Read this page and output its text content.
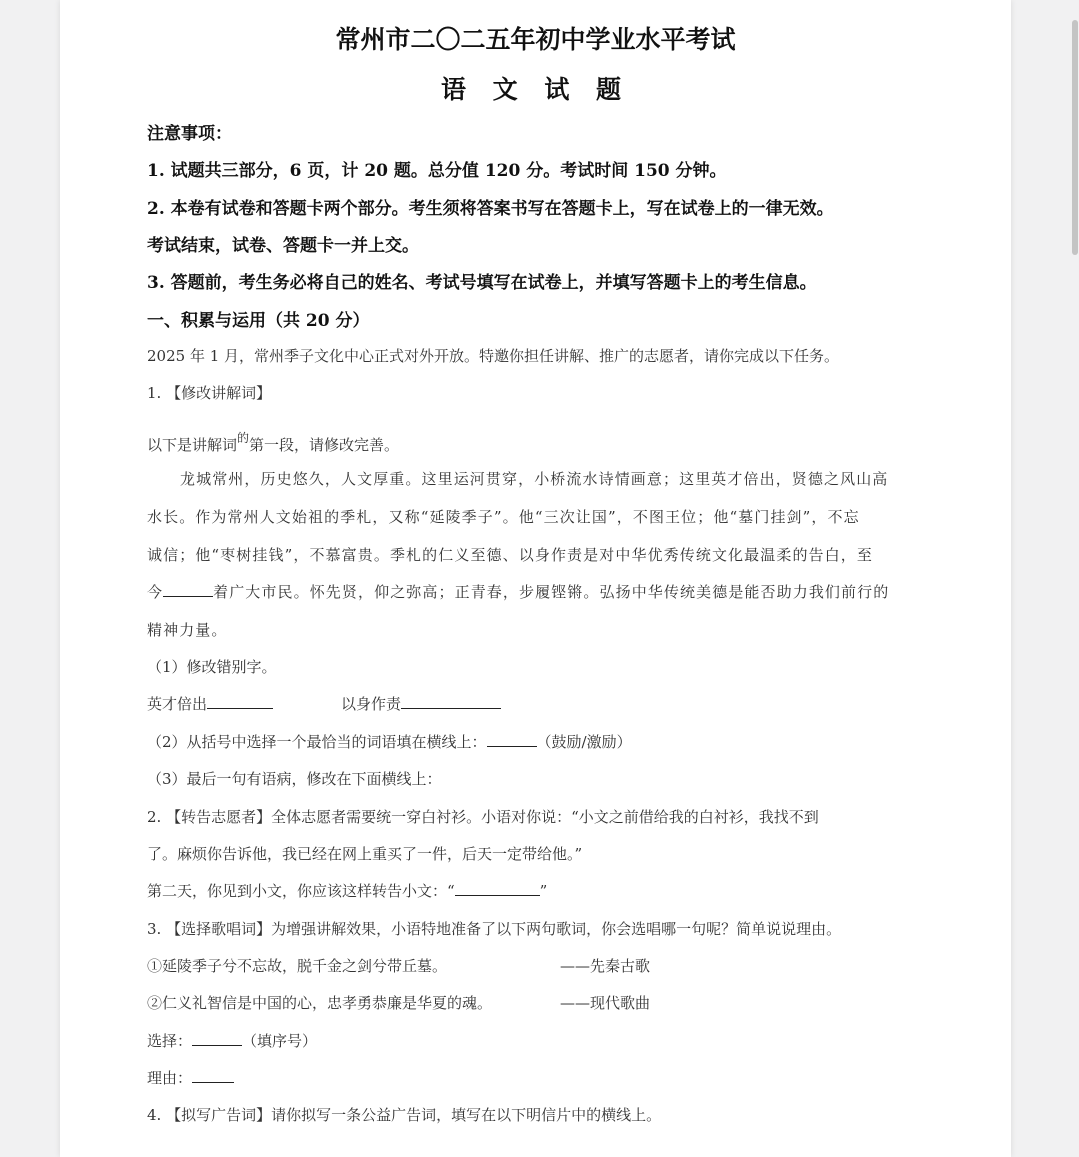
常州市二〇二五年初中学业水平考试
语 文 试 题
注意事项：
1. 试题共三部分，6 页，计 20 题。总分值 120 分。考试时间 150 分钟。
2. 本卷有试卷和答题卡两个部分。考生须将答案书写在答题卡上，写在试卷上的一律无效。
考试结束，试卷、答题卡一并上交。
3. 答题前，考生务必将自己的姓名、考试号填写在试卷上，并填写答题卡上的考生信息。
一、积累与运用（共 20 分）
2025 年 1 月，常州季子文化中心正式对外开放。特邀你担任讲解、推广的志愿者，请你完成以下任务。
1. 【修改讲解词】
以下是讲解词$^的$第一段，请修改完善。
龙城常州，历史悠久，人文厚重。这里运河贯穿，小桥流水诗情画意；这里英才倍出，贤德之风山高
水长。作为常州人文始祖的季札，又称“延陵季子”。他“三次让国”，不图王位；他“墓门挂剑”，不忘
诚信；他“枣树挂钱”，不慕富贵。季札的仁义至德、以身作责是对中华优秀传统文化最温柔的告白，至
今	着广大市民。怀先贤，仰之弥高；正青春，步履铿锵。弘扬中华传统美德是能否助力我们前行的
精神力量。
（1）修改错别字。
英才倍出	以身作责
（2）从括号中选择一个最恰当的词语填在横线上：	（鼓励/激励）
（3）最后一句有语病，修改在下面横线上：
2. 【转告志愿者】全体志愿者需要统一穿白衬衫。小语对你说：“小文之前借给我的白衬衫，我找不到
了。麻烦你告诉他，我已经在网上重买了一件，后天一定带给他。”
第二天，你见到小文，你应该这样转告小文：“	”
3. 【选择歌唱词】为增强讲解效果，小语特地准备了以下两句歌词，你会选唱哪一句呢？简单说说理由。
①延陵季子兮不忘故，脱千金之剑兮带丘墓。	——先秦古歌
②仁义礼智信是中国的心，忠孝勇恭廉是华夏的魂。	——现代歌曲
选择：	（填序号）
理由：
4. 【拟写广告词】请你拟写一条公益广告词，填写在以下明信片中的横线上。
